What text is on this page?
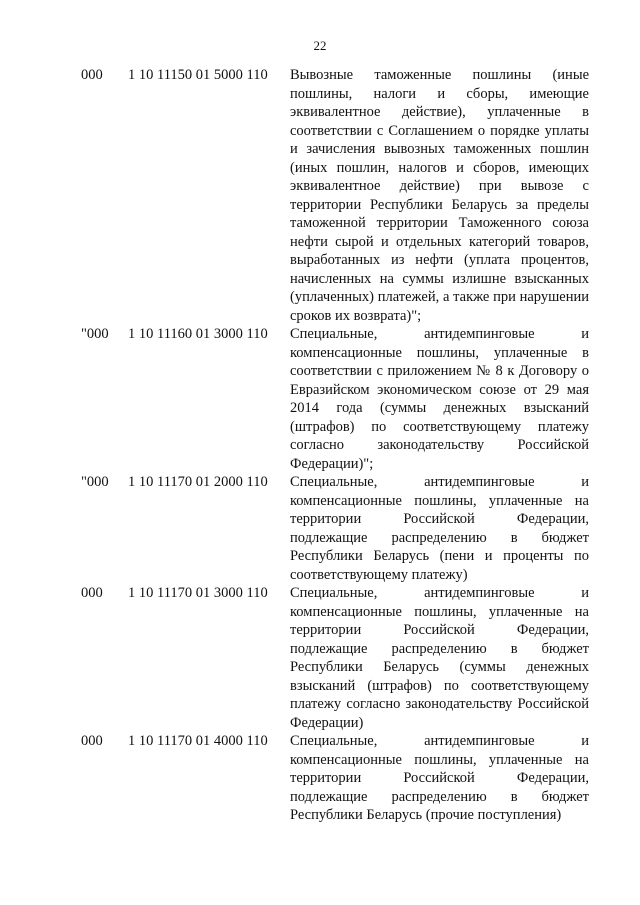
22
000	1 10 11150 01 5000 110	Вывозные таможенные пошлины (иные пошлины, налоги и сборы, имеющие эквивалентное действие), уплаченные в соответствии с Соглашением о порядке уплаты и зачисления вывозных таможенных пошлин (иных пошлин, налогов и сборов, имеющих эквивалентное действие) при вывозе с территории Республики Беларусь за пределы таможенной территории Таможенного союза нефти сырой и отдельных категорий товаров, выработанных из нефти (уплата процентов, начисленных на суммы излишне взысканных (уплаченных) платежей, а также при нарушении сроков их возврата)";
"000	1 10 11160 01 3000 110	Специальные, антидемпинговые и компенсационные пошлины, уплаченные в соответствии с приложением № 8 к Договору о Евразийском экономическом союзе от 29 мая 2014 года (суммы денежных взысканий (штрафов) по соответствующему платежу согласно законодательству Российской Федерации)";
"000	1 10 11170 01 2000 110	Специальные, антидемпинговые и компенсационные пошлины, уплаченные на территории Российской Федерации, подлежащие распределению в бюджет Республики Беларусь (пени и проценты по соответствующему платежу)
000	1 10 11170 01 3000 110	Специальные, антидемпинговые и компенсационные пошлины, уплаченные на территории Российской Федерации, подлежащие распределению в бюджет Республики Беларусь (суммы денежных взысканий (штрафов) по соответствующему платежу согласно законодательству Российской Федерации)
000	1 10 11170 01 4000 110	Специальные, антидемпинговые и компенсационные пошлины, уплаченные на территории Российской Федерации, подлежащие распределению в бюджет Республики Беларусь (прочие поступления)
